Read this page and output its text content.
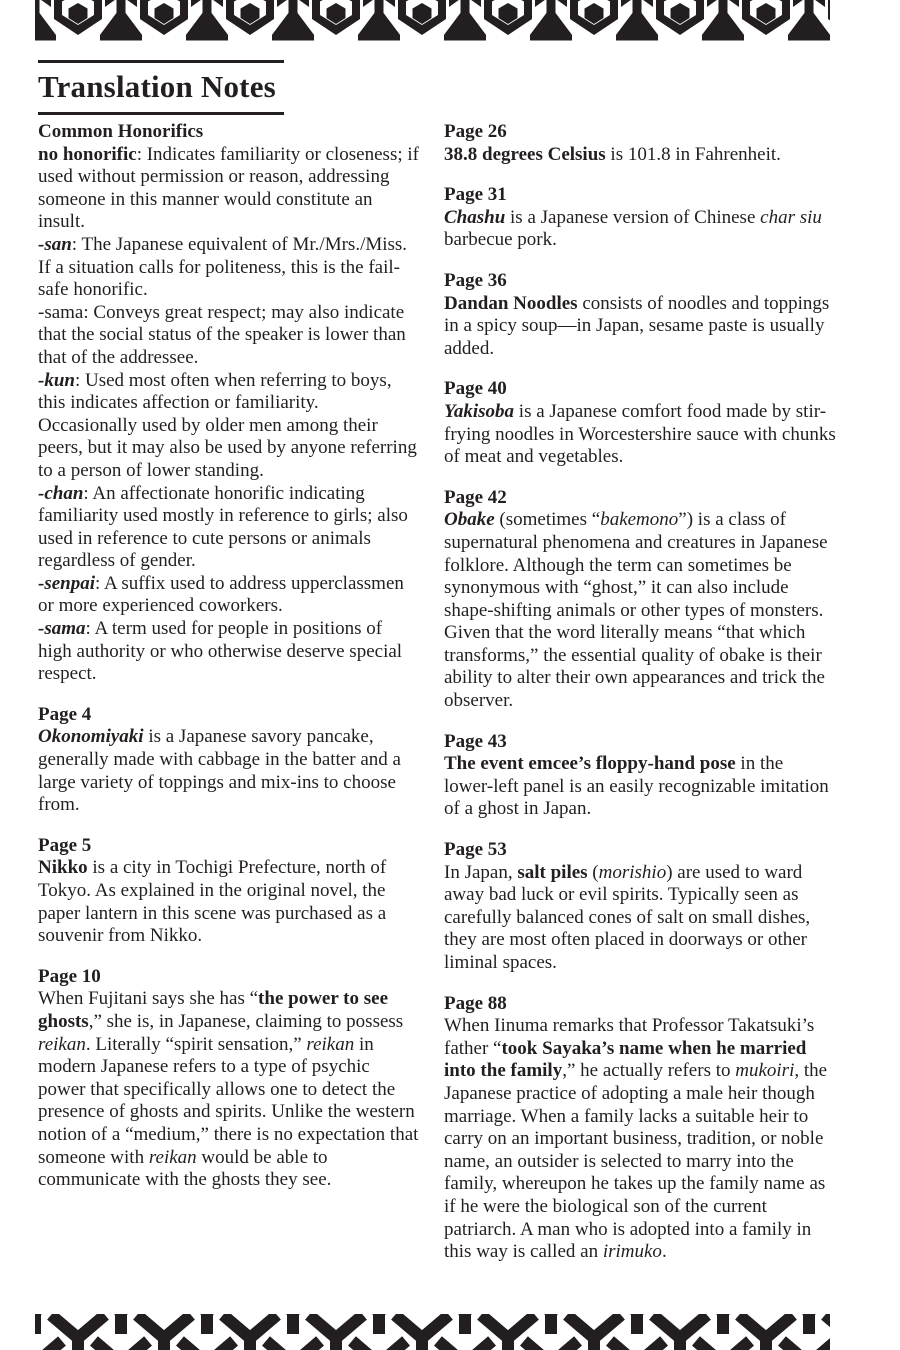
Translation Notes
Common Honorifics

no honorific: Indicates familiarity or closeness; if used without permission or reason, addressing someone in this manner would constitute an insult.

-san: The Japanese equivalent of Mr./Mrs./Miss. If a situation calls for politeness, this is the fail-safe honorific.

-sama: Conveys great respect; may also indicate that the social status of the speaker is lower than that of the addressee.

-kun: Used most often when referring to boys, this indicates affection or familiarity. Occasionally used by older men among their peers, but it may also be used by anyone referring to a person of lower standing.

-chan: An affectionate honorific indicating familiarity used mostly in reference to girls; also used in reference to cute persons or animals regardless of gender.

-senpai: A suffix used to address upperclassmen or more experienced coworkers.

-sama: A term used for people in positions of high authority or who otherwise deserve special respect.

Page 4

Okonomiyaki is a Japanese savory pancake, generally made with cabbage in the batter and a large variety of toppings and mix-ins to choose from.

Page 5

Nikko is a city in Tochigi Prefecture, north of Tokyo. As explained in the original novel, the paper lantern in this scene was purchased as a souvenir from Nikko.

Page 10

When Fujitani says she has “the power to see ghosts,” she is, in Japanese, claiming to possess reikan. Literally “spirit sensation,” reikan in modern Japanese refers to a type of psychic power that specifically allows one to detect the presence of ghosts and spirits. Unlike the western notion of a “medium,” there is no expectation that someone with reikan would be able to communicate with the ghosts they see.

Page 26

38.8 degrees Celsius is 101.8 in Fahrenheit.

Page 31

Chashu is a Japanese version of Chinese char siu barbecue pork.

Page 36

Dandan Noodles consists of noodles and toppings in a spicy soup—in Japan, sesame paste is usually added.

Page 40

Yakisoba is a Japanese comfort food made by stir-frying noodles in Worcestershire sauce with chunks of meat and vegetables.

Page 42

Obake (sometimes “bakemono”) is a class of supernatural phenomena and creatures in Japanese folklore. Although the term can sometimes be synonymous with “ghost,” it can also include shape-shifting animals or other types of monsters. Given that the word literally means “that which transforms,” the essential quality of obake is their ability to alter their own appearances and trick the observer.

Page 43

The event emcee’s floppy-hand pose in the lower-left panel is an easily recognizable imitation of a ghost in Japan.

Page 53

In Japan, salt piles (morishio) are used to ward away bad luck or evil spirits. Typically seen as carefully balanced cones of salt on small dishes, they are most often placed in doorways or other liminal spaces.

Page 88

When Iinuma remarks that Professor Takatsuki’s father “took Sayaka’s name when he married into the family,” he actually refers to mukoiri, the Japanese practice of adopting a male heir though marriage. When a family lacks a suitable heir to carry on an important business, tradition, or noble name, an outsider is selected to marry into the family, whereupon he takes up the family name as if he were the biological son of the current patriarch. A man who is adopted into a family in this way is called an irimuko.
